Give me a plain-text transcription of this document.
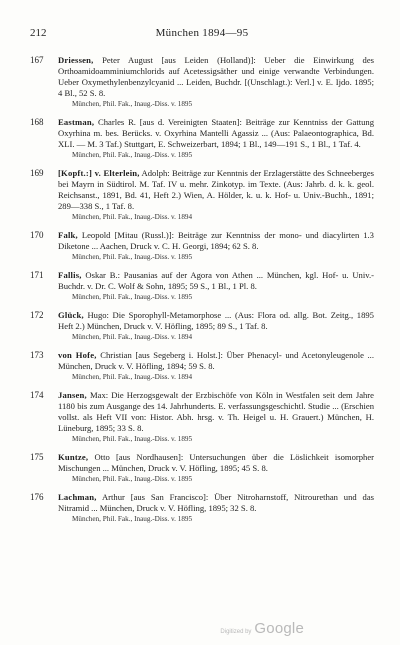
212	München 1894—95
167 Driessen, Peter August [aus Leiden (Holland)]: Ueber die Einwirkung des Orthoamidoamminiumchlorids auf Acetessigsäther und einige verwandte Verbindungen. Ueber Oxymethylenbenzylcyanid ... Leiden, Buchdr. [(Unschlagt.): Verl.] v. E. Ijdo. 1895; 4 Bl., 52 S. 8.

München, Phil. Fak., Inaug.-Diss. v. 1895

168 Eastman, Charles R. [aus d. Vereinigten Staaten]: Beiträge zur Kenntniss der Gattung Oxyrhina m. bes. Berücks. v. Oxyrhina Mantelli Agassiz ... (Aus: Palaeontographica, Bd. XLI. — M. 3 Taf.) Stuttgart, E. Schweizerbart, 1894; 1 Bl., 149—191 S., 1 Bl., 1 Taf. 4.

München, Phil. Fak., Inaug.-Diss. v. 1895

169 [Kopft.:] v. Elterlein, Adolph: Beiträge zur Kenntnis der Erzlagerstätte des Schneeberges bei Mayrn in Südtirol. M. Taf. IV u. mehr. Zinkotyp. im Texte. (Aus: Jahrb. d. k. k. geol. Reichsanst., 1891, Bd. 41, Heft 2.) Wien, A. Hölder, k. u. k. Hof- u. Univ.-Buchh., 1891; 289—338 S., 1 Taf. 8.

München, Phil. Fak., Inaug.-Diss. v. 1894

170 Falk, Leopold [Mitau (Russl.)]: Beiträge zur Kenntniss der mono- und diacylirten 1.3 Diketone ... Aachen, Druck v. C. H. Georgi, 1894; 62 S. 8.

München, Phil. Fak., Inaug.-Diss. v. 1895

171 Fallis, Oskar B.: Pausanias auf der Agora von Athen ... München, kgl. Hof- u. Univ.-Buchdr. v. Dr. C. Wolf & Sohn, 1895; 59 S., 1 Bl., 1 Pl. 8.

München, Phil. Fak., Inaug.-Diss. v. 1895

172 Glück, Hugo: Die Sporophyll-Metamorphose ... (Aus: Flora od. allg. Bot. Zeitg., 1895 Heft 2.) München, Druck v. V. Höfling, 1895; 89 S., 1 Taf. 8.

München, Phil. Fak., Inaug.-Diss. v. 1894

173 von Hofe, Christian [aus Segeberg i. Holst.]: Über Phenacyl- und Acetonyleugenole ... München, Druck v. V. Höfling, 1894; 59 S. 8.

München, Phil. Fak., Inaug.-Diss. v. 1894

174 Jansen, Max: Die Herzogsgewalt der Erzbischöfe von Köln in Westfalen seit dem Jahre 1180 bis zum Ausgange des 14. Jahrhunderts. E. verfassungsgeschichtl. Studie ... (Erschien vollst. als Heft VII von: Histor. Abh. hrsg. v. Th. Heigel u. H. Grauert.) München, H. Lüneburg, 1895; 33 S. 8.

München, Phil. Fak., Inaug.-Diss. v. 1895

175 Kuntze, Otto [aus Nordhausen]: Untersuchungen über die Löslichkeit isomorpher Mischungen ... München, Druck v. V. Höfling, 1895; 45 S. 8.

München, Phil. Fak., Inaug.-Diss. v. 1895

176 Lachman, Arthur [aus San Francisco]: Über Nitroharnstoff, Nitrourethan und das Nitramid ... München, Druck v. V. Höfling, 1895; 32 S. 8.

München, Phil. Fak., Inaug.-Diss. v. 1895

Digitized by Google
